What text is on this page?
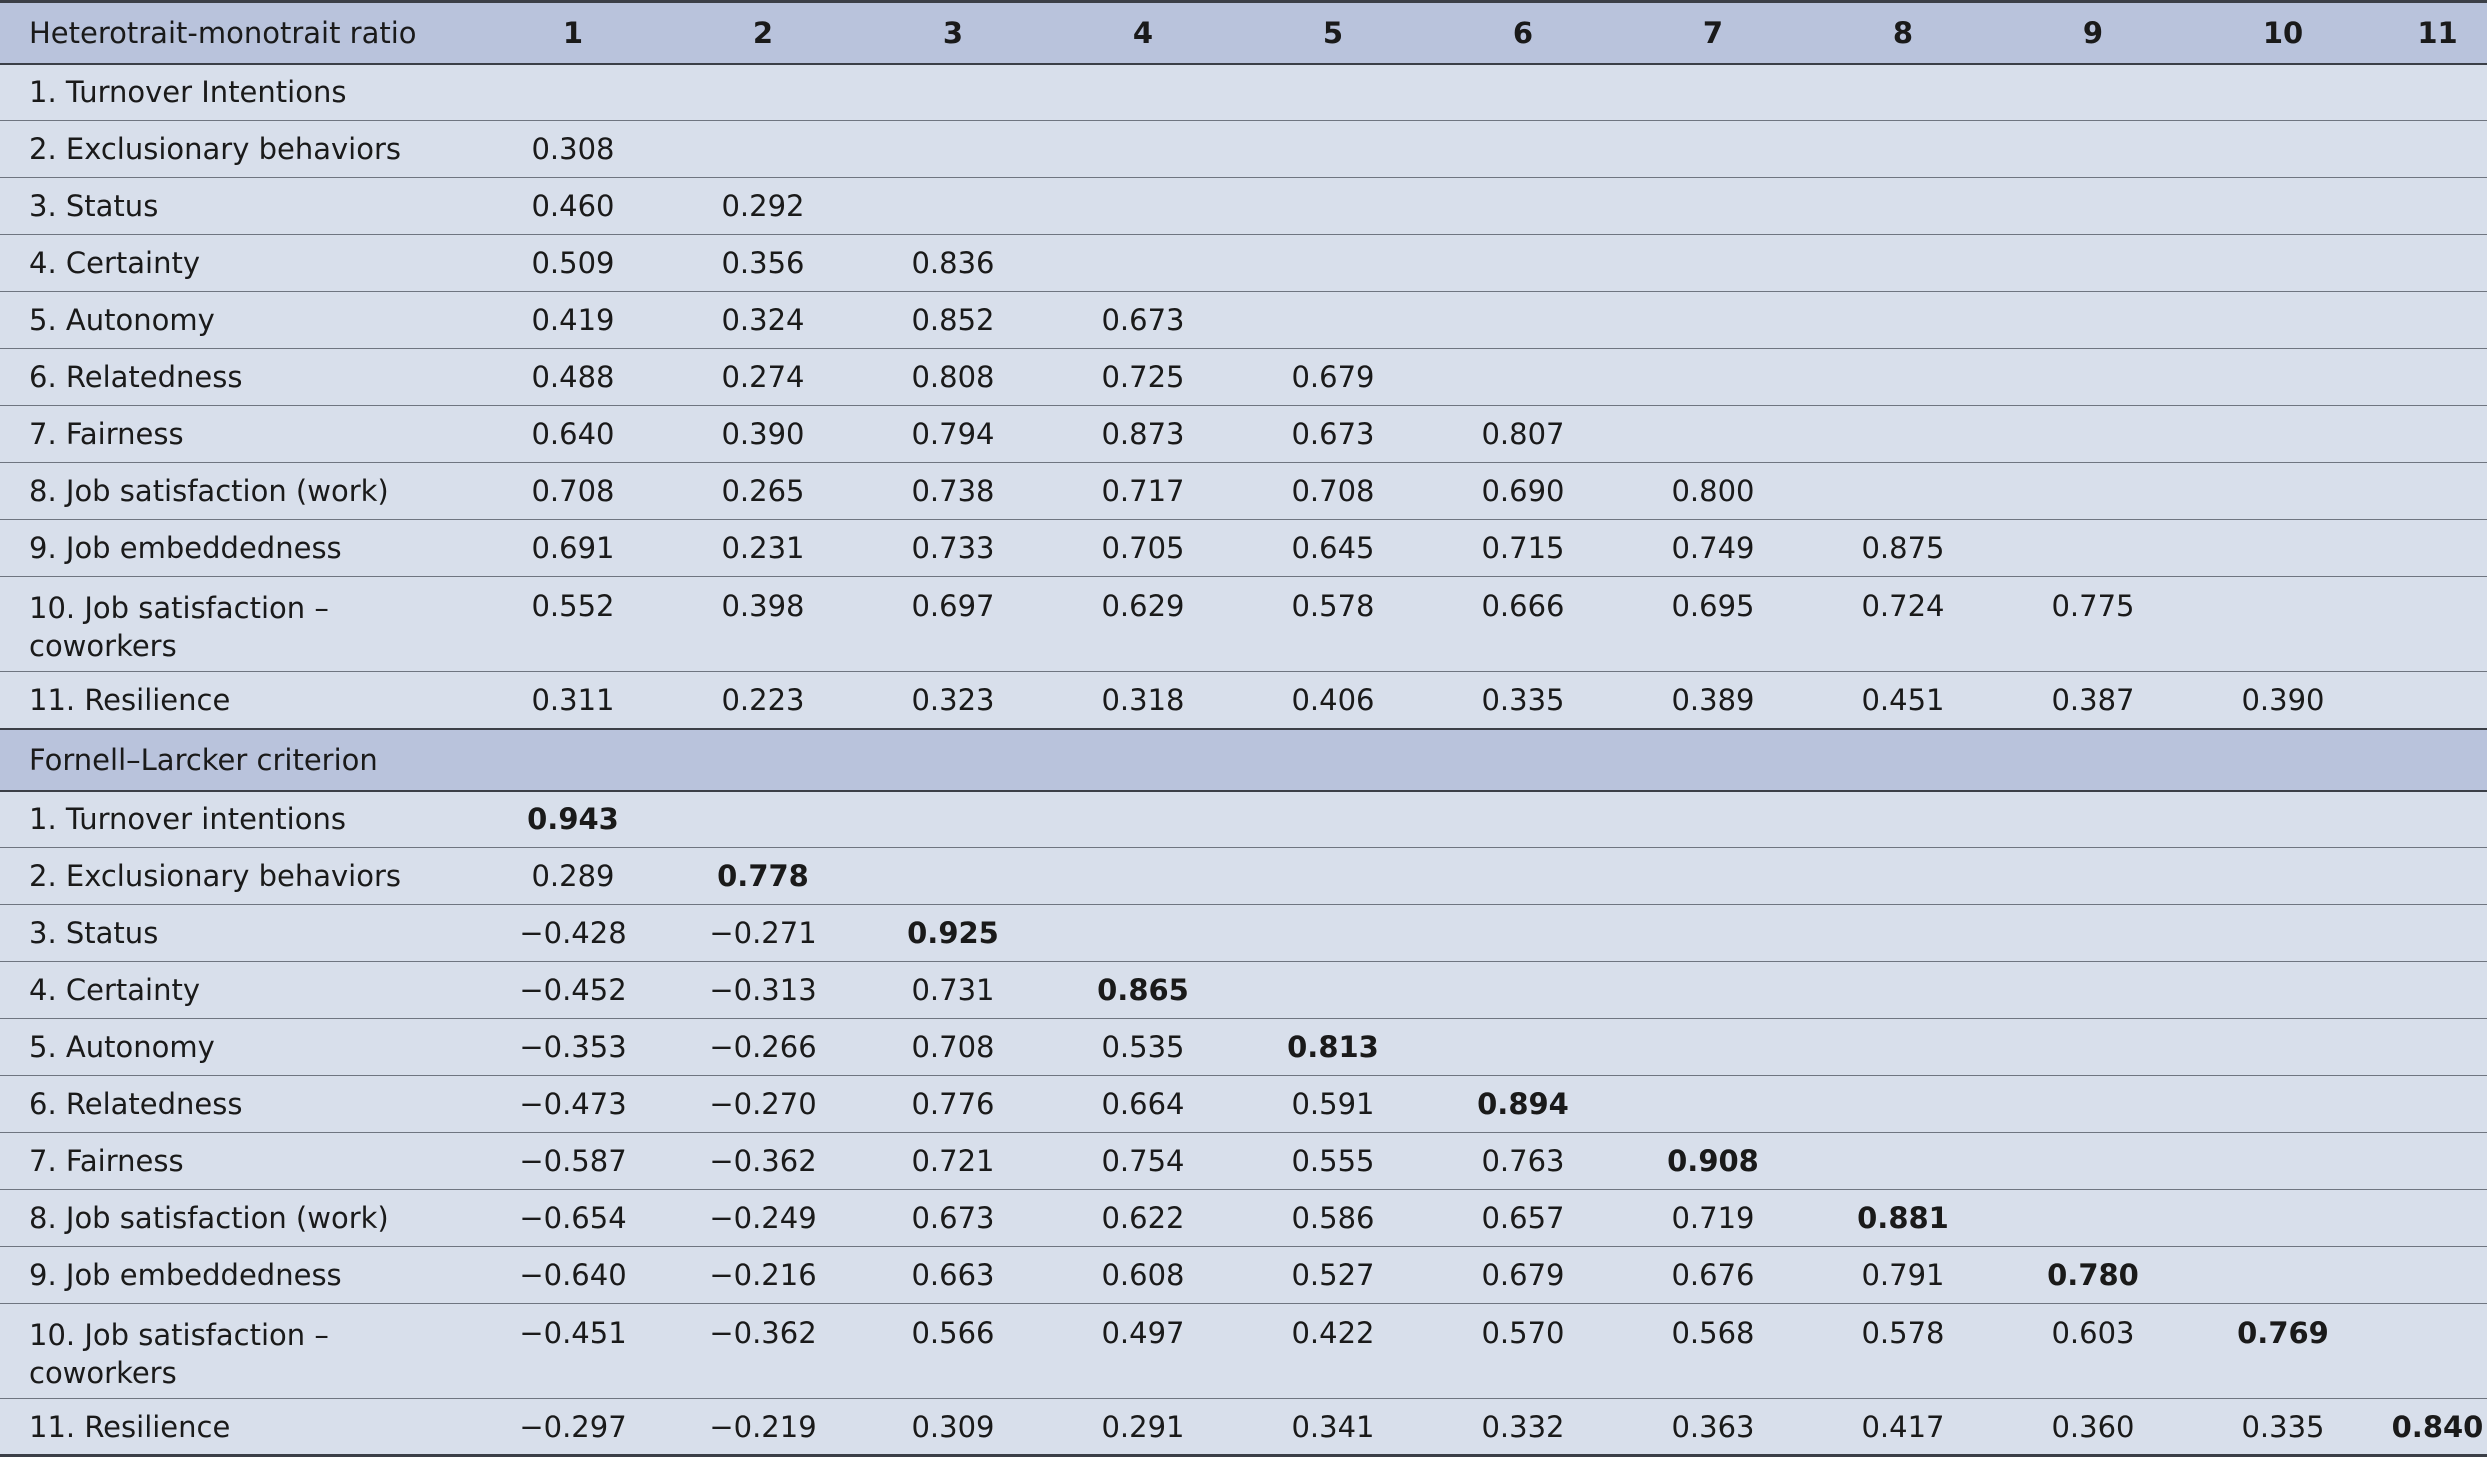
Heterotrait-monotrait ratio	1	2	3	4	5	6	7	8	9	10	11
1. Turnover Intentions											
2. Exclusionary behaviors	0.308										
3. Status	0.460	0.292									
4. Certainty	0.509	0.356	0.836								
5. Autonomy	0.419	0.324	0.852	0.673							
6. Relatedness	0.488	0.274	0.808	0.725	0.679						
7. Fairness	0.640	0.390	0.794	0.873	0.673	0.807					
8. Job satisfaction (work)	0.708	0.265	0.738	0.717	0.708	0.690	0.800				
9. Job embeddedness	0.691	0.231	0.733	0.705	0.645	0.715	0.749	0.875			
10. Job satisfaction – coworkers	0.552	0.398	0.697	0.629	0.578	0.666	0.695	0.724	0.775		
11. Resilience	0.311	0.223	0.323	0.318	0.406	0.335	0.389	0.451	0.387	0.390	
Fornell–Larcker criterion											
1. Turnover intentions	0.943										
2. Exclusionary behaviors	0.289	0.778									
3. Status	−0.428	−0.271	0.925								
4. Certainty	−0.452	−0.313	0.731	0.865							
5. Autonomy	−0.353	−0.266	0.708	0.535	0.813						
6. Relatedness	−0.473	−0.270	0.776	0.664	0.591	0.894					
7. Fairness	−0.587	−0.362	0.721	0.754	0.555	0.763	0.908				
8. Job satisfaction (work)	−0.654	−0.249	0.673	0.622	0.586	0.657	0.719	0.881			
9. Job embeddedness	−0.640	−0.216	0.663	0.608	0.527	0.679	0.676	0.791	0.780		
10. Job satisfaction – coworkers	−0.451	−0.362	0.566	0.497	0.422	0.570	0.568	0.578	0.603	0.769	
11. Resilience	−0.297	−0.219	0.309	0.291	0.341	0.332	0.363	0.417	0.360	0.335	0.840
